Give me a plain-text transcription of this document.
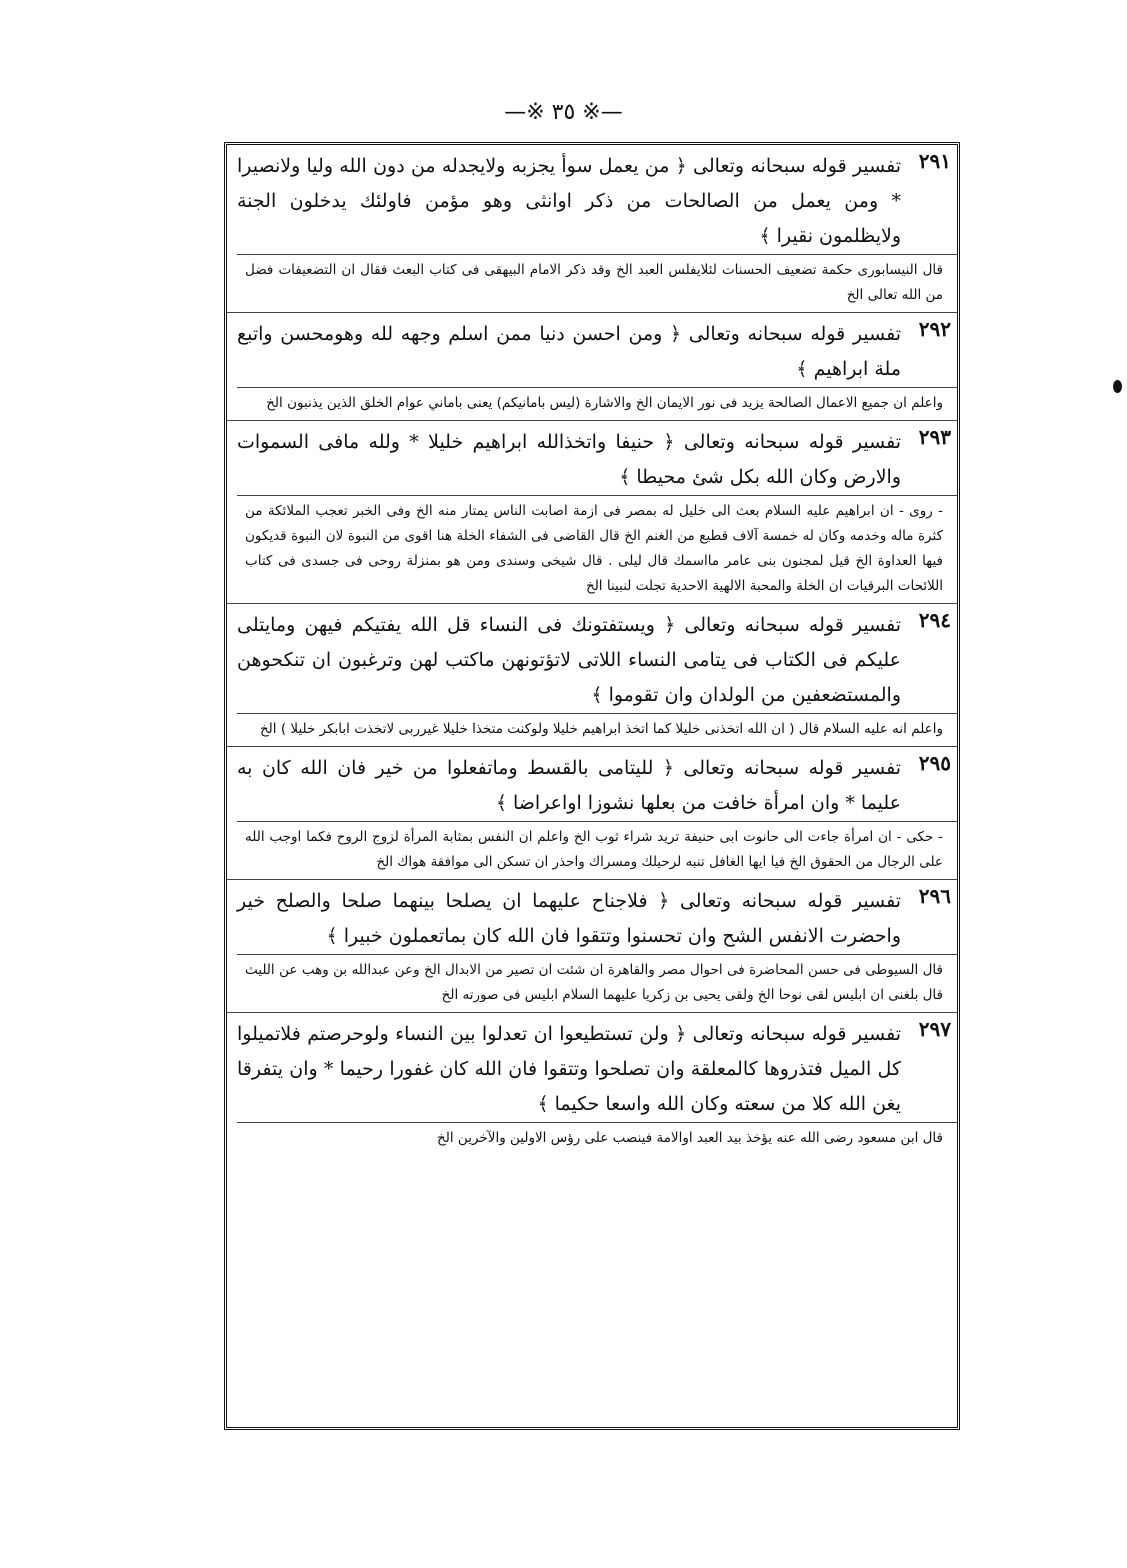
—※ ٣٥ ※—
٢٩١
تفسير قوله سبحانه وتعالى ﴿ من يعمل سوأ يجزبه ولايجدله من دون الله وليا ولانصيرا * ومن يعمل من الصالحات من ذكر اوانثى وهو مؤمن فاولئك يدخلون الجنة ولايظلمون نقيرا ﴾
قال النيسابورى حكمة تضعيف الحسنات لئلايفلس العبد الخ وقد ذكر الامام البيهقى فى كتاب البعث فقال ان التضعيفات فضل من الله تعالى الخ
٢٩٢
تفسير قوله سبحانه وتعالى ﴿ ومن احسن دنيا ممن اسلم وجهه لله وهومحسن واتبع ملة ابراهيم ﴾
واعلم ان جميع الاعمال الصالحة يزيد فى نور الايمان الخ والاشارة (ليس بامانيكم) يعنى باماني عوام الخلق الذين يذنبون الخ
٢٩٣
تفسير قوله سبحانه وتعالى ﴿ حنيفا واتخذالله ابراهيم خليلا * ولله مافى السموات والارض وكان الله بكل شئ محيطا ﴾
- روى - ان ابراهيم عليه السلام بعث الى خليل له بمصر فى ازمة اصابت الناس يمتار منه الخ وفى الخبر تعجب الملائكة من كثرة ماله وخدمه وكان له خمسة آلاف قطيع من الغنم الخ قال القاضى فى الشفاء الخلة هنا اقوى من النبوة لان النبوة قديكون فيها العداوة الخ قيل لمجنون بنى عامر مااسمك قال ليلى . قال شيخى وسندى ومن هو بمنزلة روحى فى جسدى فى كتاب اللائحات البرقيات ان الخلة والمحبة الالهية الاحدية تجلت لنبينا الخ
٢٩٤
تفسير قوله سبحانه وتعالى ﴿ ويستفتونك فى النساء قل الله يفتيكم فيهن ومايتلى عليكم فى الكتاب فى يتامى النساء اللاتى لاتؤتونهن ماكتب لهن وترغبون ان تنكحوهن والمستضعفين من الولدان وان تقوموا ﴾
واعلم انه عليه السلام قال ( ان الله اتخذنى خليلا كما اتخذ ابراهيم خليلا ولوكنت متخذا خليلا غيرربى لاتخذت ابابكر خليلا ) الخ
٢٩٥
تفسير قوله سبحانه وتعالى ﴿ لليتامى بالقسط وماتفعلوا من خير فان الله كان به عليما * وان امرأة خافت من بعلها نشوزا اواعراضا ﴾
- حكى - ان امرأة جاءت الى حانوت ابى حنيفة تريد شراء ثوب الخ واعلم ان النفس بمثابة المرأة لزوج الروح فكما اوجب الله على الرجال من الحقوق الخ فيا ايها الغافل تنبه لرحيلك ومسراك واحذر ان تسكن الى موافقة هواك الخ
٢٩٦
تفسير قوله سبحانه وتعالى ﴿ فلاجناح عليهما ان يصلحا بينهما صلحا والصلح خير واحضرت الانفس الشح وان تحسنوا وتتقوا فان الله كان بماتعملون خبيرا ﴾
قال السيوطى فى حسن المحاضرة فى احوال مصر والقاهرة ان شئت ان تصير من الابدال الخ وعن عبدالله بن وهب عن الليث قال بلغنى ان ابليس لقى نوحا الخ ولقى يحيى بن زكريا عليهما السلام ابليس فى صورته الخ
٢٩٧
تفسير قوله سبحانه وتعالى ﴿ ولن تستطيعوا ان تعدلوا بين النساء ولوحرصتم فلاتميلوا كل الميل فتذروها كالمعلقة وان تصلحوا وتتقوا فان الله كان غفورا رحيما * وان يتفرقا يغن الله كلا من سعته وكان الله واسعا حكيما ﴾
قال ابن مسعود رضى الله عنه يؤخذ بيد العبد اوالامة فينصب على رؤس الاولين والآخرين الخ
